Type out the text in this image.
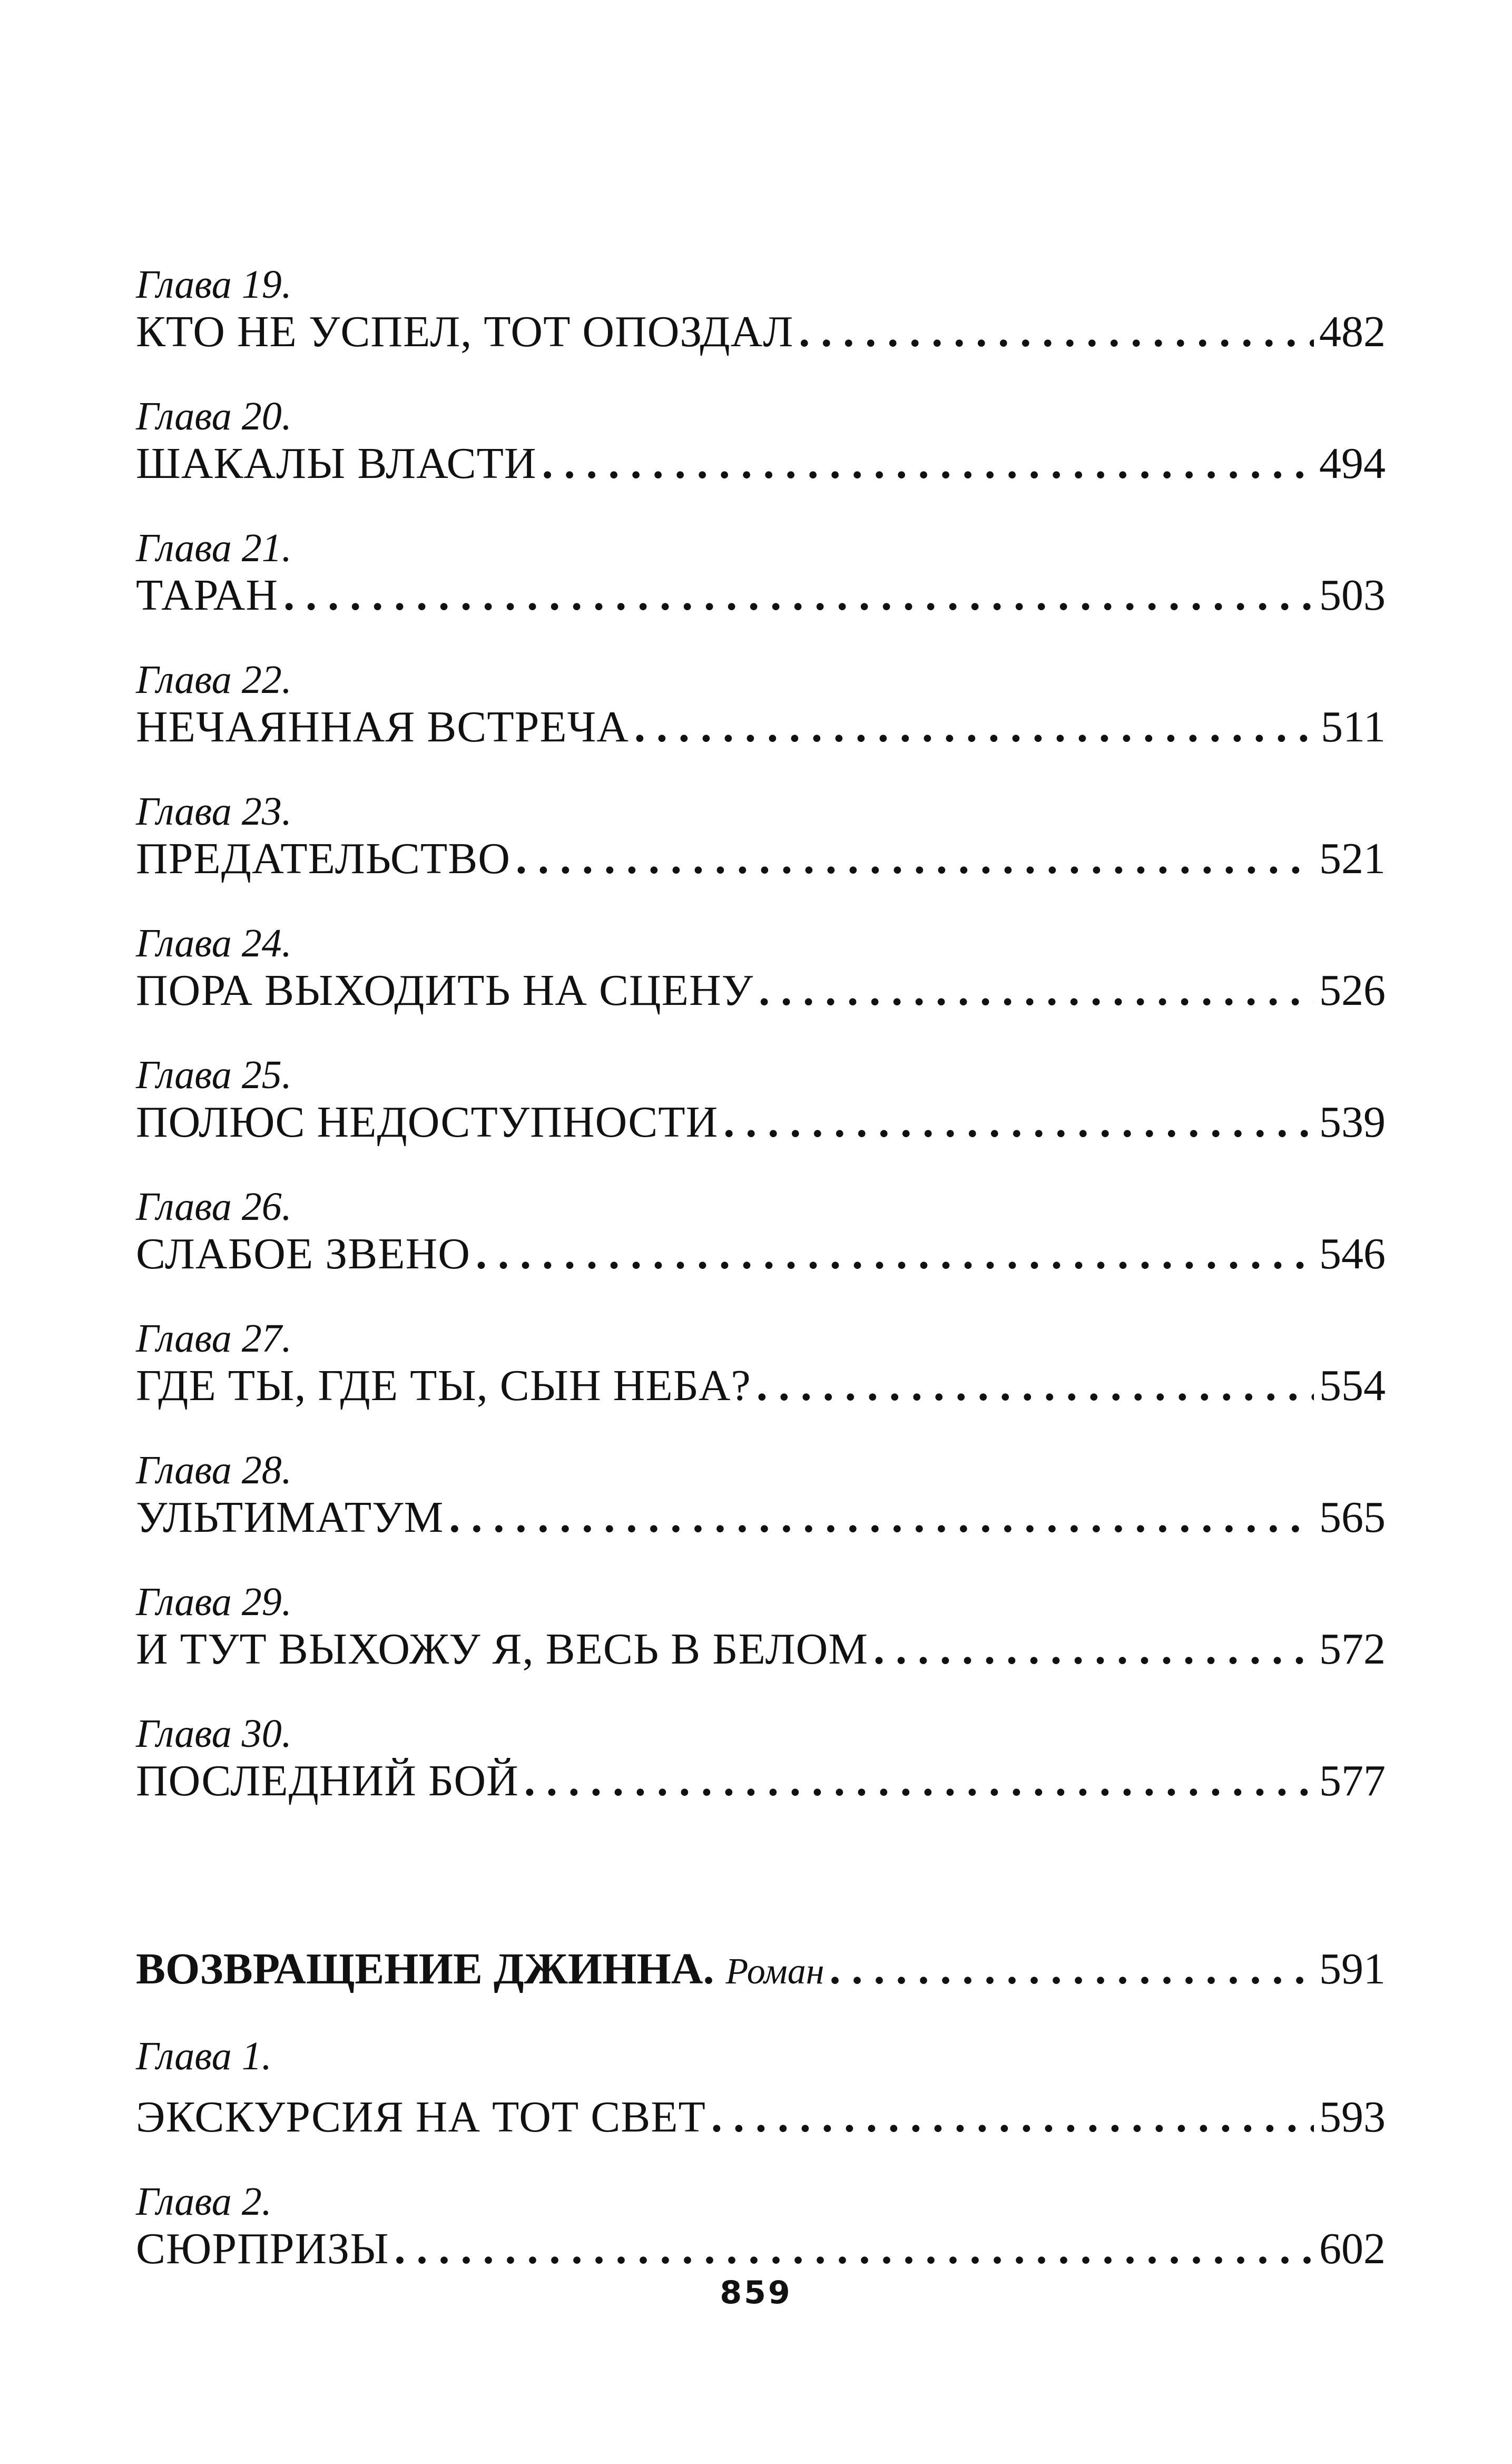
Глава 19.
КТО НЕ УСПЕЛ, ТОТ ОПОЗДАЛ . . .	482
Глава 20.
ШАКАЛЫ ВЛАСТИ . . .	494
Глава 21.
ТАРАН . . .	503
Глава 22.
НЕЧАЯННАЯ ВСТРЕЧА . . .	511
Глава 23.
ПРЕДАТЕЛЬСТВО . . .	521
Глава 24.
ПОРА ВЫХОДИТЬ НА СЦЕНУ . . .	526
Глава 25.
ПОЛЮС НЕДОСТУПНОСТИ . . .	539
Глава 26.
СЛАБОЕ ЗВЕНО . . .	546
Глава 27.
ГДЕ ТЫ, ГДЕ ТЫ, СЫН НЕБА? . . .	554
Глава 28.
УЛЬТИМАТУМ . . .	565
Глава 29.
И ТУТ ВЫХОЖУ Я, ВЕСЬ В БЕЛОМ . . .	572
Глава 30.
ПОСЛЕДНИЙ БОЙ . . .	577
ВОЗВРАЩЕНИЕ ДЖИННА. Роман . . .	591
Глава 1.
ЭКСКУРСИЯ НА ТОТ СВЕТ . . .	593
Глава 2.
СЮРПРИЗЫ . . .	602
859
